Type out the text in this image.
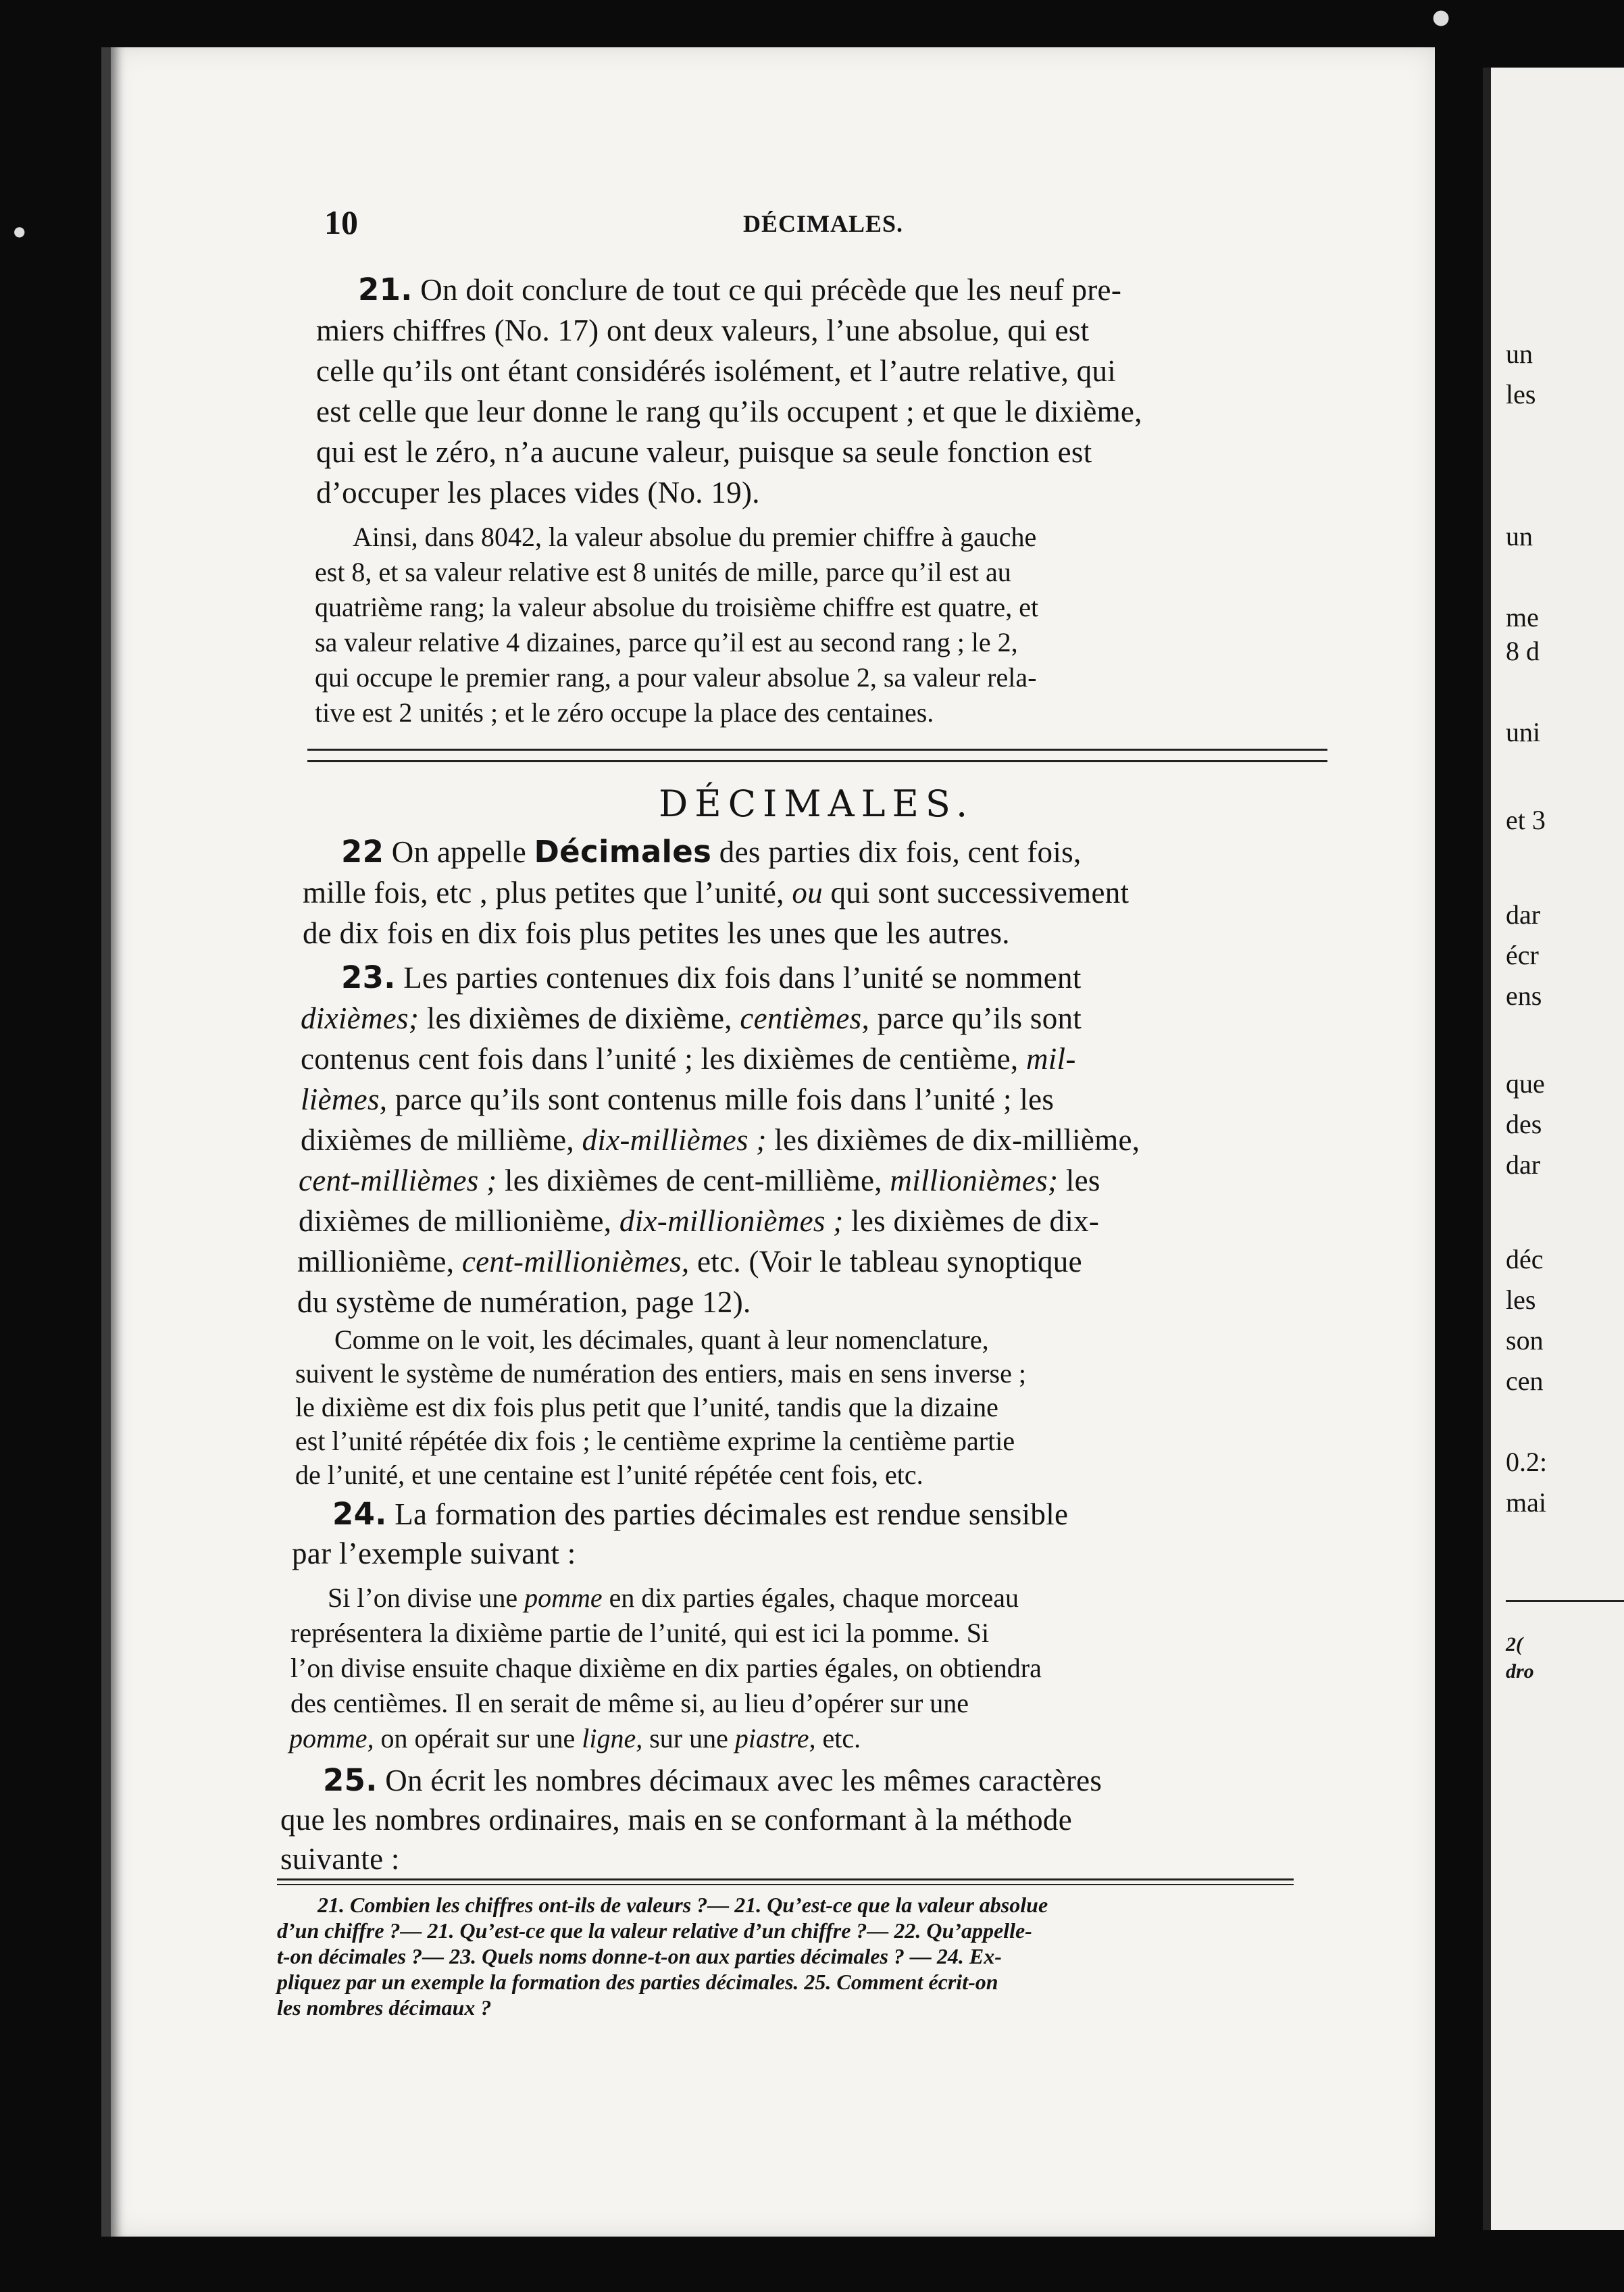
un
les
un
me
8 d
uni
et 3
dar
écr
ens
que
des
dar
déc
les
son
cen
0.2:
mai
2(
dro
10	DÉCIMALES.
21. On doit conclure de tout ce qui précède que les neuf pre-
miers chiffres (No. 17) ont deux valeurs, l’une absolue, qui est
celle qu’ils ont étant considérés isolément, et l’autre relative, qui
est celle que leur donne le rang qu’ils occupent ; et que le dixième,
qui est le zéro, n’a aucune valeur, puisque sa seule fonction est
d’occuper les places vides (No. 19).
Ainsi, dans 8042, la valeur absolue du premier chiffre à gauche
est 8, et sa valeur relative est 8 unités de mille, parce qu’il est au
quatrième rang; la valeur absolue du troisième chiffre est quatre, et
sa valeur relative 4 dizaines, parce qu’il est au second rang ; le 2,
qui occupe le premier rang, a pour valeur absolue 2, sa valeur rela-
tive est 2 unités ; et le zéro occupe la place des centaines.
DÉCIMALES.
22 On appelle Décimales des parties dix fois, cent fois,
mille fois, etc , plus petites que l’unité, ou qui sont successivement
de dix fois en dix fois plus petites les unes que les autres.
23. Les parties contenues dix fois dans l’unité se nomment
dixièmes; les dixièmes de dixième, centièmes, parce qu’ils sont
contenus cent fois dans l’unité ; les dixièmes de centième, mil-
lièmes, parce qu’ils sont contenus mille fois dans l’unité ; les
dixièmes de millième, dix-millièmes ; les dixièmes de dix-millième,
cent-millièmes ; les dixièmes de cent-millième, millionièmes; les
dixièmes de millionième, dix-millionièmes ; les dixièmes de dix-
millionième, cent-millionièmes, etc. (Voir le tableau synoptique
du système de numération, page 12).
Comme on le voit, les décimales, quant à leur nomenclature,
suivent le système de numération des entiers, mais en sens inverse ;
le dixième est dix fois plus petit que l’unité, tandis que la dizaine
est l’unité répétée dix fois ; le centième exprime la centième partie
de l’unité, et une centaine est l’unité répétée cent fois, etc.
24. La formation des parties décimales est rendue sensible
par l’exemple suivant :
Si l’on divise une pomme en dix parties égales, chaque morceau
représentera la dixième partie de l’unité, qui est ici la pomme. Si
l’on divise ensuite chaque dixième en dix parties égales, on obtiendra
des centièmes. Il en serait de même si, au lieu d’opérer sur une
pomme, on opérait sur une ligne, sur une piastre, etc.
25. On écrit les nombres décimaux avec les mêmes caractères
que les nombres ordinaires, mais en se conformant à la méthode
suivante :
21. Combien les chiffres ont-ils de valeurs ?— 21. Qu’est-ce que la valeur absolue
d’un chiffre ?— 21. Qu’est-ce que la valeur relative d’un chiffre ?— 22. Qu’appelle-
t-on décimales ?— 23. Quels noms donne-t-on aux parties décimales ? — 24. Ex-
pliquez par un exemple la formation des parties décimales. 25. Comment écrit-on
les nombres décimaux ?
●
●
